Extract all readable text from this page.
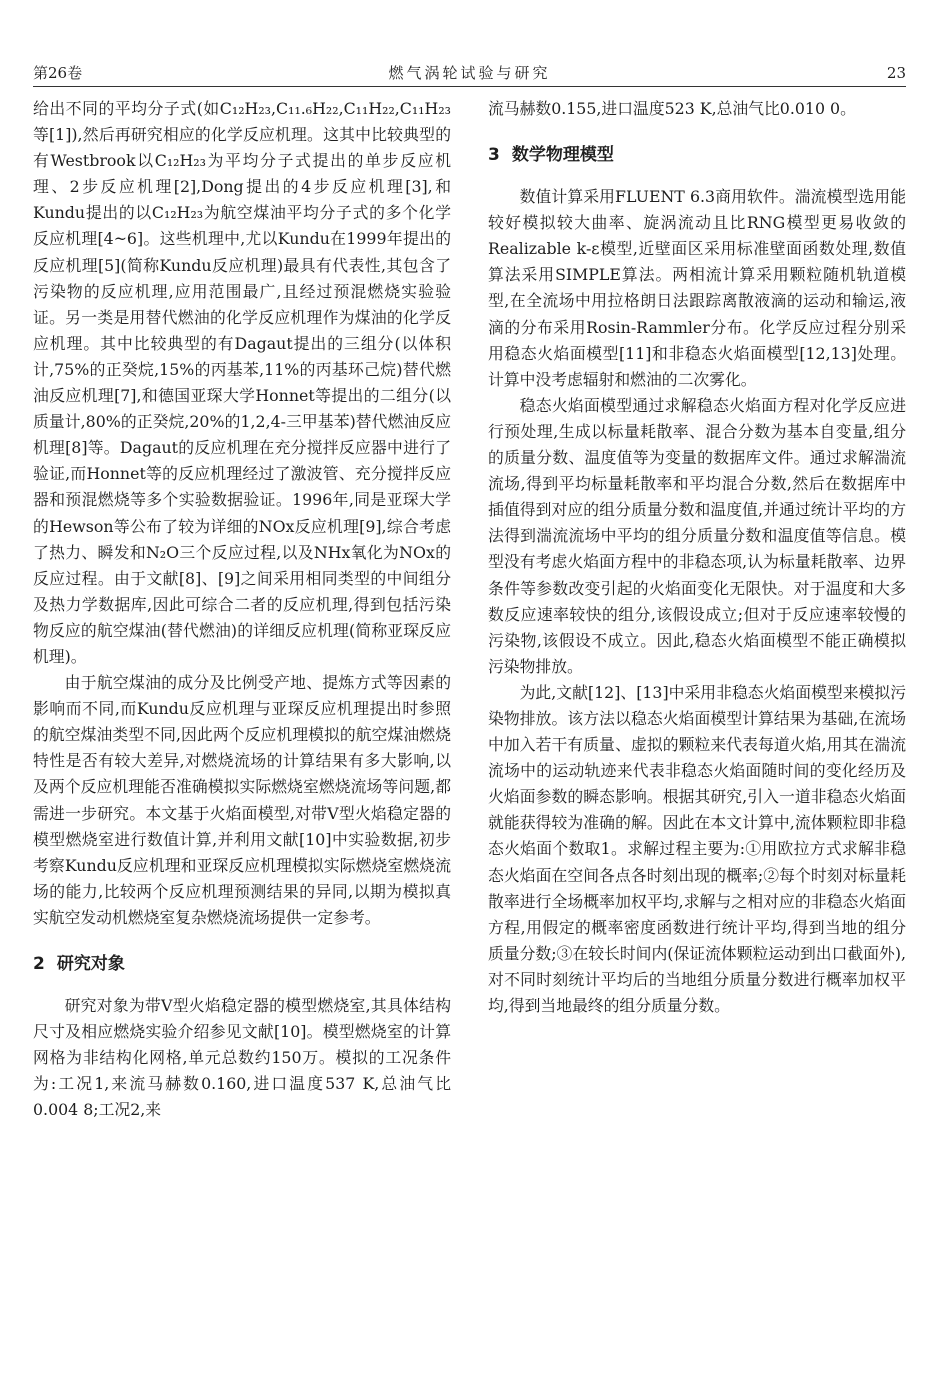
第26卷	燃气涡轮试验与研究	23

给出不同的平均分子式(如C₁₂H₂₃,C₁₁.₆H₂₂,C₁₁H₂₂,C₁₁H₂₃等[1]),然后再研究相应的化学反应机理。这其中比较典型的有Westbrook以C₁₂H₂₃为平均分子式提出的单步反应机理、2步反应机理[2],Dong提出的4步反应机理[3],和Kundu提出的以C₁₂H₂₃为航空煤油平均分子式的多个化学反应机理[4~6]。这些机理中,尤以Kundu在1999年提出的反应机理[5](简称Kundu反应机理)最具有代表性,其包含了污染物的反应机理,应用范围最广,且经过预混燃烧实验验证。另一类是用替代燃油的化学反应机理作为煤油的化学反应机理。其中比较典型的有Dagaut提出的三组分(以体积计,75%的正癸烷,15%的丙基苯,11%的丙基环己烷)替代燃油反应机理[7],和德国亚琛大学Honnet等提出的二组分(以质量计,80%的正癸烷,20%的1,2,4-三甲基苯)替代燃油反应机理[8]等。Dagaut的反应机理在充分搅拌反应器中进行了验证,而Honnet等的反应机理经过了激波管、充分搅拌反应器和预混燃烧等多个实验数据验证。1996年,同是亚琛大学的Hewson等公布了较为详细的NOx反应机理[9],综合考虑了热力、瞬发和N₂O三个反应过程,以及NHx氧化为NOx的反应过程。由于文献[8]、[9]之间采用相同类型的中间组分及热力学数据库,因此可综合二者的反应机理,得到包括污染物反应的航空煤油(替代燃油)的详细反应机理(简称亚琛反应机理)。

由于航空煤油的成分及比例受产地、提炼方式等因素的影响而不同,而Kundu反应机理与亚琛反应机理提出时参照的航空煤油类型不同,因此两个反应机理模拟的航空煤油燃烧特性是否有较大差异,对燃烧流场的计算结果有多大影响,以及两个反应机理能否准确模拟实际燃烧室燃烧流场等问题,都需进一步研究。本文基于火焰面模型,对带V型火焰稳定器的模型燃烧室进行数值计算,并利用文献[10]中实验数据,初步考察Kundu反应机理和亚琛反应机理模拟实际燃烧室燃烧流场的能力,比较两个反应机理预测结果的异同,以期为模拟真实航空发动机燃烧室复杂燃烧流场提供一定参考。

2 研究对象

研究对象为带V型火焰稳定器的模型燃烧室,其具体结构尺寸及相应燃烧实验介绍参见文献[10]。模型燃烧室的计算网格为非结构化网格,单元总数约150万。模拟的工况条件为:工况1,来流马赫数0.160,进口温度537 K,总油气比0.004 8;工况2,来

流马赫数0.155,进口温度523 K,总油气比0.010 0。

3 数学物理模型

数值计算采用FLUENT 6.3商用软件。湍流模型选用能较好模拟较大曲率、旋涡流动且比RNG模型更易收敛的Realizable k-ε模型,近壁面区采用标准壁面函数处理,数值算法采用SIMPLE算法。两相流计算采用颗粒随机轨道模型,在全流场中用拉格朗日法跟踪离散液滴的运动和输运,液滴的分布采用Rosin-Rammler分布。化学反应过程分别采用稳态火焰面模型[11]和非稳态火焰面模型[12,13]处理。计算中没考虑辐射和燃油的二次雾化。

稳态火焰面模型通过求解稳态火焰面方程对化学反应进行预处理,生成以标量耗散率、混合分数为基本自变量,组分的质量分数、温度值等为变量的数据库文件。通过求解湍流流场,得到平均标量耗散率和平均混合分数,然后在数据库中插值得到对应的组分质量分数和温度值,并通过统计平均的方法得到湍流流场中平均的组分质量分数和温度值等信息。模型没有考虑火焰面方程中的非稳态项,认为标量耗散率、边界条件等参数改变引起的火焰面变化无限快。对于温度和大多数反应速率较快的组分,该假设成立;但对于反应速率较慢的污染物,该假设不成立。因此,稳态火焰面模型不能正确模拟污染物排放。

为此,文献[12]、[13]中采用非稳态火焰面模型来模拟污染物排放。该方法以稳态火焰面模型计算结果为基础,在流场中加入若干有质量、虚拟的颗粒来代表每道火焰,用其在湍流流场中的运动轨迹来代表非稳态火焰面随时间的变化经历及火焰面参数的瞬态影响。根据其研究,引入一道非稳态火焰面就能获得较为准确的解。因此在本文计算中,流体颗粒即非稳态火焰面个数取1。求解过程主要为:①用欧拉方式求解非稳态火焰面在空间各点各时刻出现的概率;②每个时刻对标量耗散率进行全场概率加权平均,求解与之相对应的非稳态火焰面方程,用假定的概率密度函数进行统计平均,得到当地的组分质量分数;③在较长时间内(保证流体颗粒运动到出口截面外),对不同时刻统计平均后的当地组分质量分数进行概率加权平均,得到当地最终的组分质量分数。
